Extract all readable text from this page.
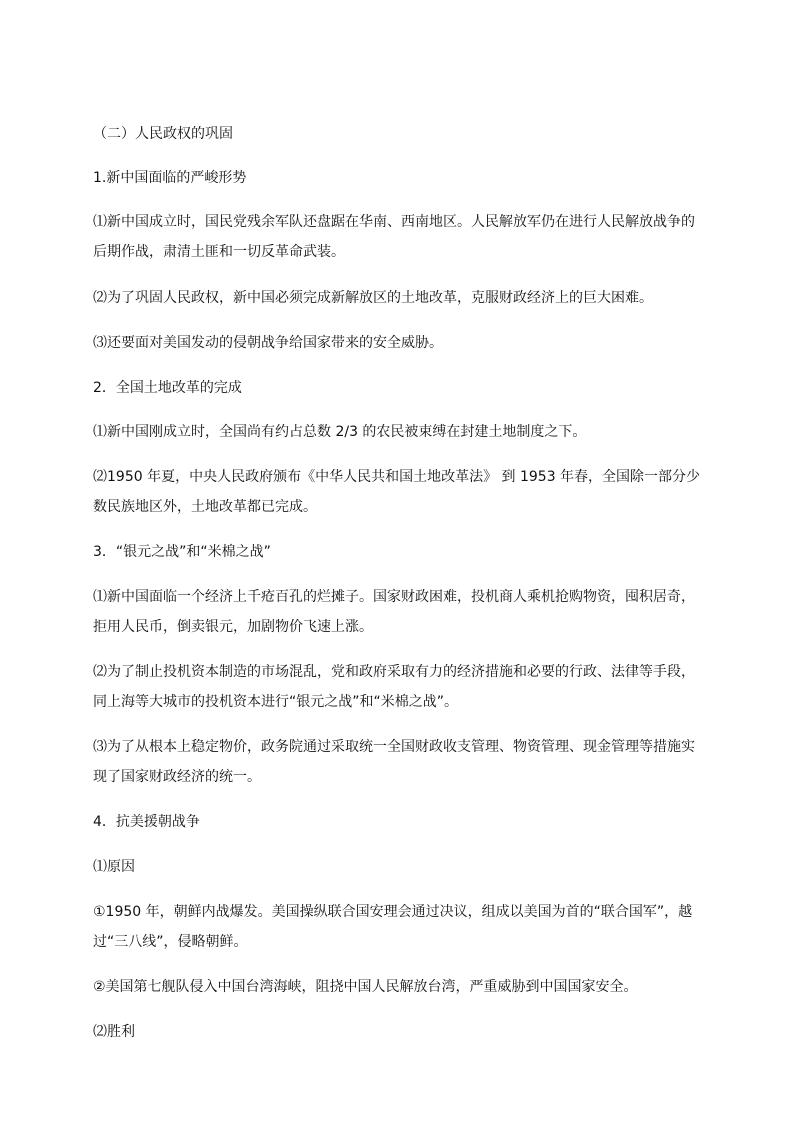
（二）人民政权的巩固

1.新中国面临的严峻形势

⑴新中国成立时，国民党残余军队还盘踞在华南、西南地区。人民解放军仍在进行人民解放战争的

后期作战，肃清土匪和一切反革命武装。

⑵为了巩固人民政权，新中国必须完成新解放区的土地改革，克服财政经济上的巨大困难。

⑶还要面对美国发动的侵朝战争给国家带来的安全威胁。

2．全国土地改革的完成

⑴新中国刚成立时，全国尚有约占总数 2/3 的农民被束缚在封建土地制度之下。

⑵1950 年夏，中央人民政府颁布《中华人民共和国土地改革法》 到 1953 年春，全国除一部分少

数民族地区外，土地改革都已完成。

3．“银元之战”和“米棉之战”

⑴新中国面临一个经济上千疮百孔的烂摊子。国家财政困难，投机商人乘机抢购物资，囤积居奇，

拒用人民币，倒卖银元，加剧物价飞速上涨。

⑵为了制止投机资本制造的市场混乱，党和政府采取有力的经济措施和必要的行政、法律等手段，

同上海等大城市的投机资本进行“银元之战”和“米棉之战”。

⑶为了从根本上稳定物价，政务院通过采取统一全国财政收支管理、物资管理、现金管理等措施实

现了国家财政经济的统一。

4．抗美援朝战争

⑴原因

①1950 年，朝鲜内战爆发。美国操纵联合国安理会通过决议，组成以美国为首的“联合国军”，越

过“三八线”，侵略朝鲜。

②美国第七舰队侵入中国台湾海峡，阻挠中国人民解放台湾，严重威胁到中国国家安全。

⑵胜利
